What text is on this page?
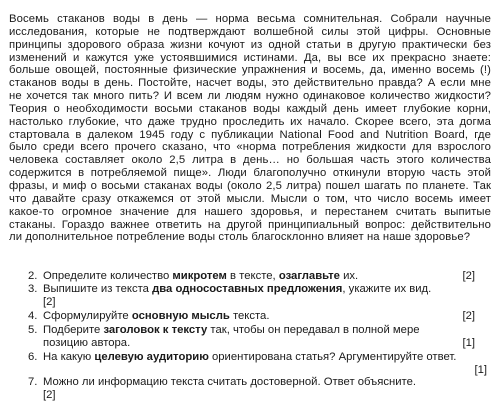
Восемь стаканов воды в день — норма весьма сомнительная. Собрали научные
исследования, которые не подтверждают волшебной силы этой цифры. Основные
принципы здорового образа жизни кочуют из одной статьи в другую практически без
изменений и кажутся уже устоявшимися истинами. Да, вы все их прекрасно знаете:
больше овощей, постоянные физические упражнения и восемь, да, именно восемь (!)
стаканов воды в день. Постойте, насчет воды, это действительно правда? А если мне
не хочется так много пить? И всем ли людям нужно одинаковое количество жидкости?
Теория о необходимости восьми стаканов воды каждый день имеет глубокие корни,
настолько глубокие, что даже трудно проследить их начало. Скорее всего, эта догма
стартовала в далеком 1945 году с публикации National Food and Nutrition Board, где
было среди всего прочего сказано, что «норма потребления жидкости для взрослого
человека составляет около 2,5 литра в день… но большая часть этого количества
содержится в потребляемой пище». Люди благополучно откинули вторую часть этой
фразы, и миф о восьми стаканах воды (около 2,5 литра) пошел шагать по планете. Так
что давайте сразу откажемся от этой мысли. Мысли о том, что число восемь имеет
какое-то огромное значение для нашего здоровья, и перестанем считать выпитые
стаканы. Гораздо важнее ответить на другой принципиальный вопрос: действительно
ли дополнительное потребление воды столь благосклонно влияет на наше здоровье?
2. Определите количество микротем в тексте, озаглавьте их.	[2]
3. Выпишите из текста два односоставных предложения, укажите их вид.
[2]
4. Сформулируйте основную мысль текста.	[2]
5. Подберите заголовок к тексту так, чтобы он передавал в полной мере
позицию автора.	[1]
6. На какую целевую аудиторию ориентирована статья? Аргументируйте ответ.
[1]
7. Можно ли информацию текста считать достоверной. Ответ объясните.
[2]
